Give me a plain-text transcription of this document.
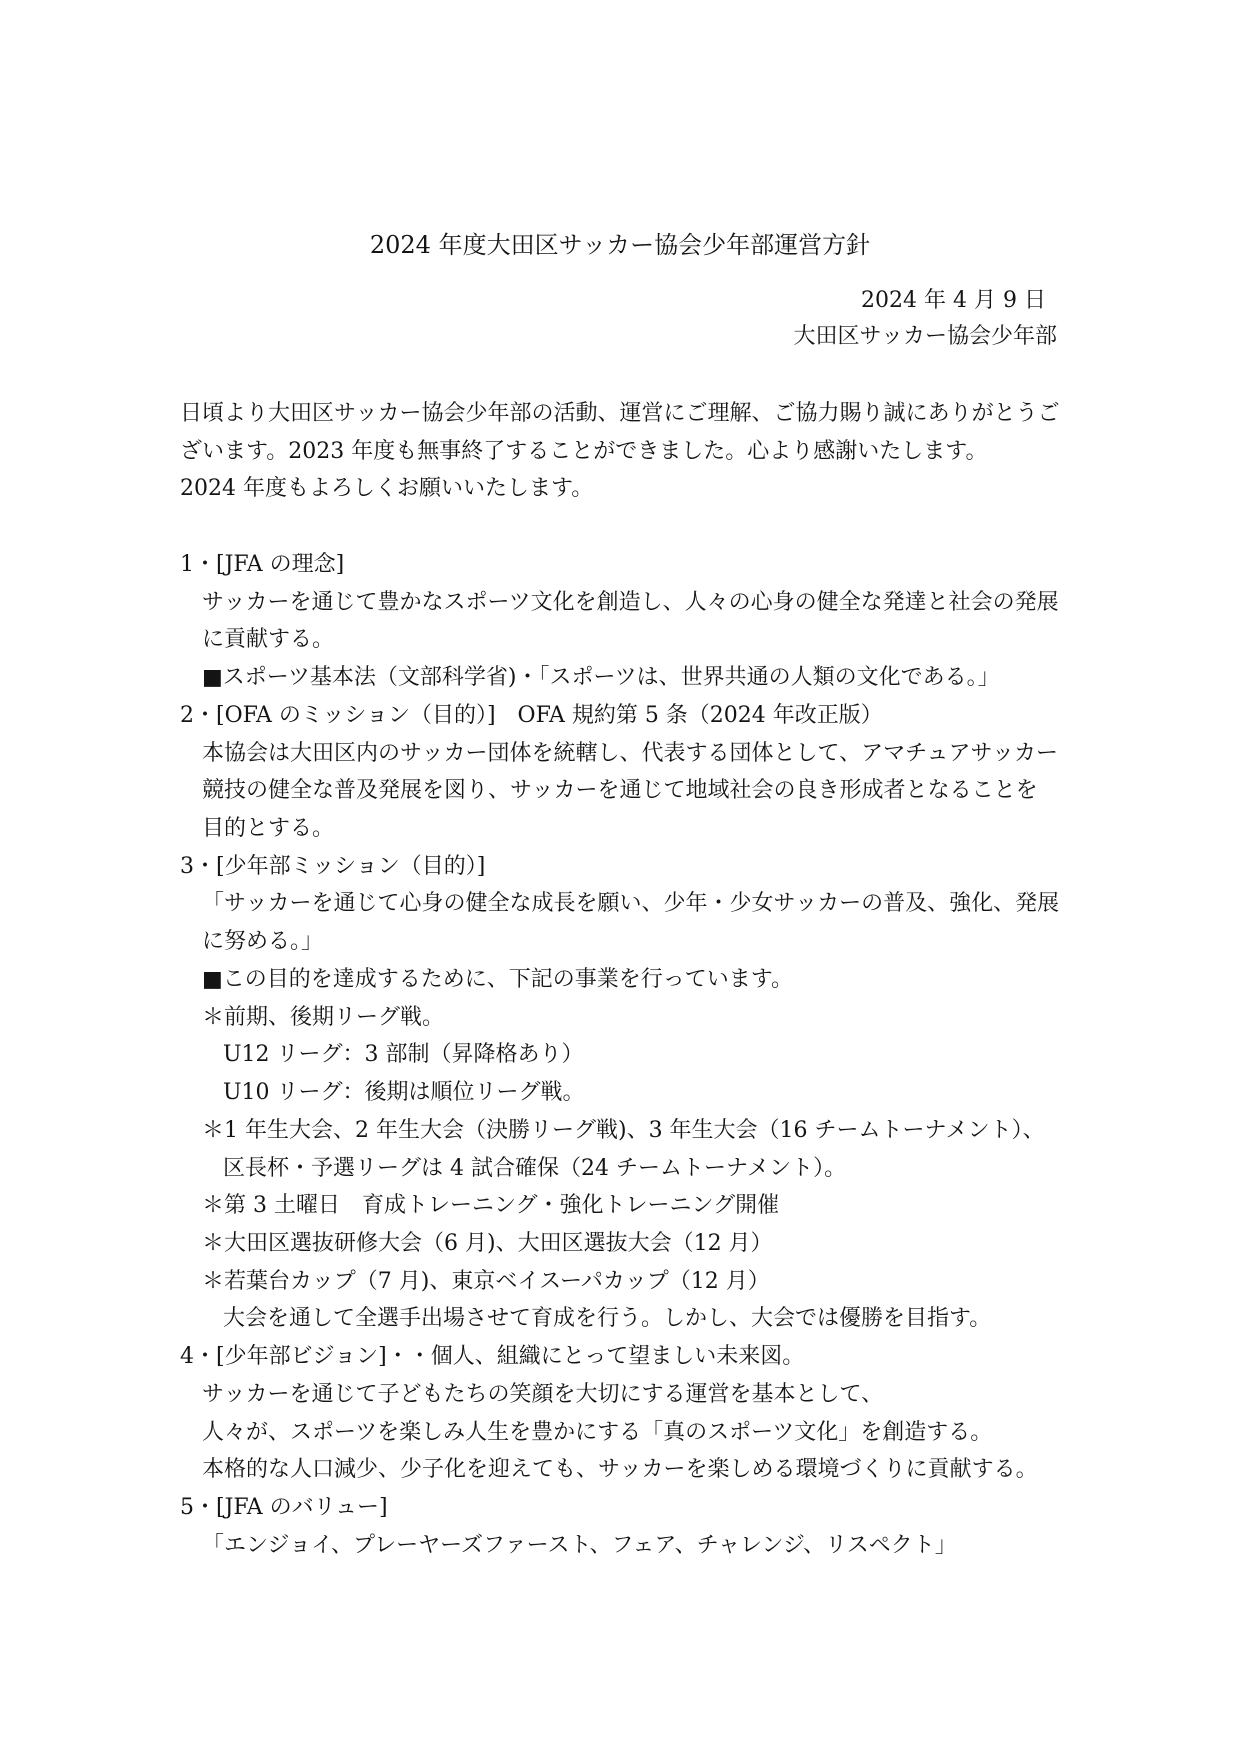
2024 年度大田区サッカー協会少年部運営方針
2024 年 4 月 9 日
大田区サッカー協会少年部
日頃より大田区サッカー協会少年部の活動、運営にご理解、ご協力賜り誠にありがとうご
ざいます。2023 年度も無事終了することができました。心より感謝いたします。
2024 年度もよろしくお願いいたします。
1・[JFA の理念]
サッカーを通じて豊かなスポーツ文化を創造し、人々の心身の健全な発達と社会の発展
に貢献する。
■スポーツ基本法（文部科学省)・「スポーツは、世界共通の人類の文化である。」
2・[OFA のミッション（目的）]　OFA 規約第 5 条（2024 年改正版）
本協会は大田区内のサッカー団体を統轄し、代表する団体として、アマチュアサッカー
競技の健全な普及発展を図り、サッカーを通じて地域社会の良き形成者となることを
目的とする。
3・[少年部ミッション（目的）]
「サッカーを通じて心身の健全な成長を願い、少年・少女サッカーの普及、強化、発展
に努める。」
■この目的を達成するために、下記の事業を行っています。
＊前期、後期リーグ戦。
U12 リーグ：3 部制（昇降格あり）
U10 リーグ：後期は順位リーグ戦。
＊1 年生大会、2 年生大会（決勝リーグ戦)、3 年生大会（16 チームトーナメント）、
区長杯・予選リーグは 4 試合確保（24 チームトーナメント）。
＊第 3 土曜日　育成トレーニング・強化トレーニング開催
＊大田区選抜研修大会（6 月)、大田区選抜大会（12 月）
＊若葉台カップ（7 月)、東京ベイスーパカップ（12 月）
大会を通して全選手出場させて育成を行う。しかし、大会では優勝を目指す。
4・[少年部ビジョン]・・個人、組織にとって望ましい未来図。
サッカーを通じて子どもたちの笑顔を大切にする運営を基本として、
人々が、スポーツを楽しみ人生を豊かにする「真のスポーツ文化」を創造する。
本格的な人口減少、少子化を迎えても、サッカーを楽しめる環境づくりに貢献する。
5・[JFA のバリュー]
「エンジョイ、プレーヤーズファースト、フェア、チャレンジ、リスペクト」
